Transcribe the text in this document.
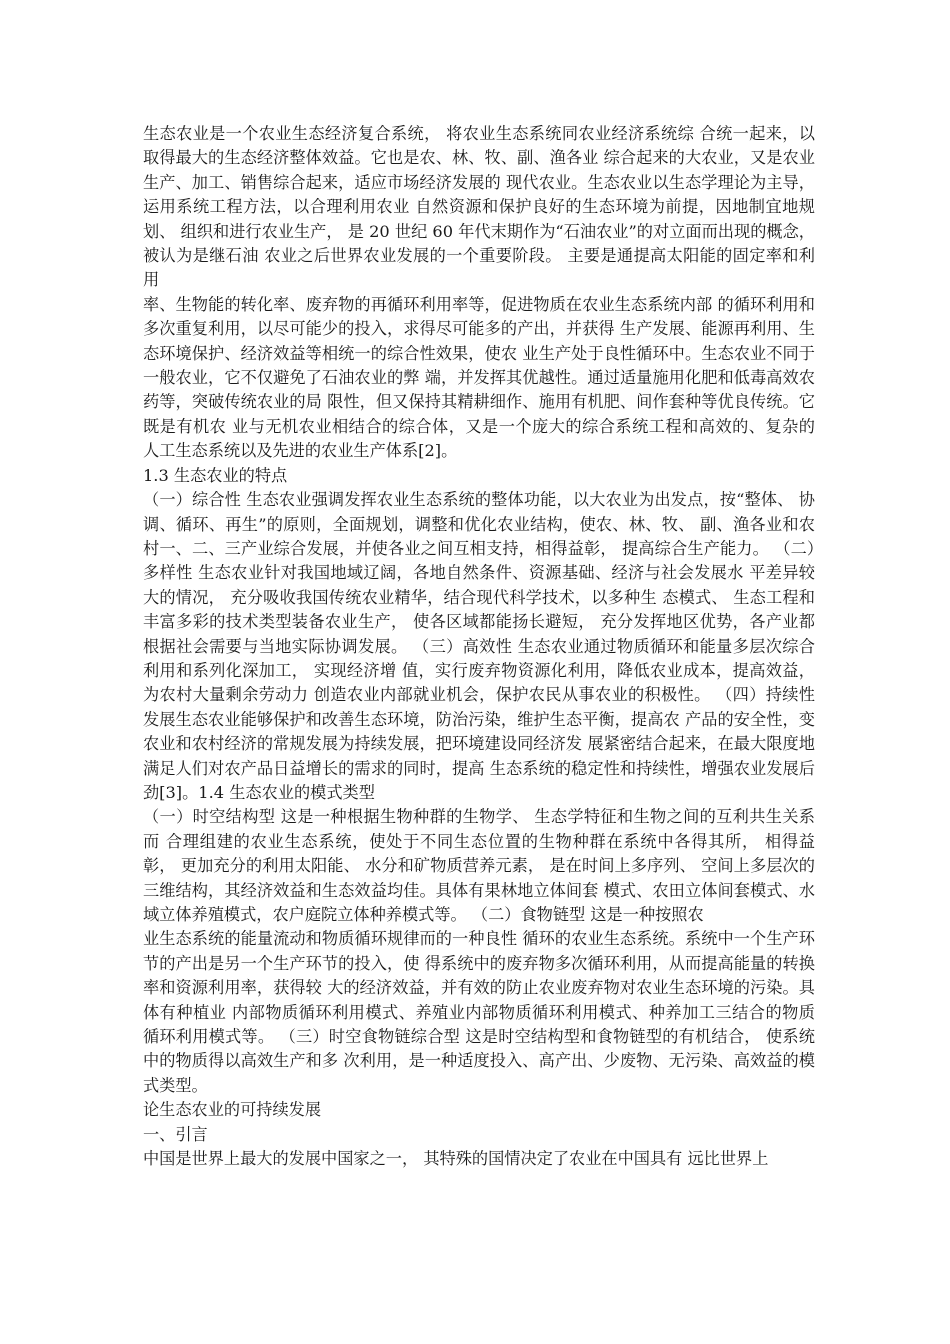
生态农业是一个农业生态经济复合系统， 将农业生态系统同农业经济系统综 合统一起来，以取得最大的生态经济整体效益。它也是农、林、牧、副、渔各业 综合起来的大农业，又是农业生产、加工、销售综合起来，适应市场经济发展的 现代农业。生态农业以生态学理论为主导，运用系统工程方法，以合理利用农业 自然资源和保护良好的生态环境为前提，因地制宜地规划、 组织和进行农业生产， 是 20 世纪 60 年代末期作为“石油农业”的对立面而出现的概念， 被认为是继石油 农业之后世界农业发展的一个重要阶段。 主要是通提高太阳能的固定率和利用

率、生物能的转化率、废弃物的再循环利用率等，促进物质在农业生态系统内部 的循环利用和多次重复利用，以尽可能少的投入，求得尽可能多的产出，并获得 生产发展、能源再利用、生态环境保护、经济效益等相统一的综合性效果，使农 业生产处于良性循环中。生态农业不同于一般农业，它不仅避免了石油农业的弊 端，并发挥其优越性。通过适量施用化肥和低毒高效农药等，突破传统农业的局 限性，但又保持其精耕细作、施用有机肥、间作套种等优良传统。它既是有机农 业与无机农业相结合的综合体，又是一个庞大的综合系统工程和高效的、复杂的 人工生态系统以及先进的农业生产体系[2]。

1.3 生态农业的特点

（一）综合性 生态农业强调发挥农业生态系统的整体功能，以大农业为出发点，按“整体、 协调、循环、再生”的原则，全面规划，调整和优化农业结构，使农、林、牧、 副、渔各业和农村一、二、三产业综合发展，并使各业之间互相支持，相得益彰， 提高综合生产能力。 （二）多样性 生态农业针对我国地域辽阔，各地自然条件、资源基础、经济与社会发展水 平差异较大的情况， 充分吸收我国传统农业精华，结合现代科学技术，以多种生 态模式、 生态工程和丰富多彩的技术类型装备农业生产， 使各区域都能扬长避短， 充分发挥地区优势，各产业都根据社会需要与当地实际协调发展。 （三）高效性 生态农业通过物质循环和能量多层次综合利用和系列化深加工， 实现经济增 值，实行废弃物资源化利用，降低农业成本，提高效益，为农村大量剩余劳动力 创造农业内部就业机会，保护农民从事农业的积极性。 （四）持续性 发展生态农业能够保护和改善生态环境，防治污染，维护生态平衡，提高农 产品的安全性，变农业和农村经济的常规发展为持续发展，把环境建设同经济发 展紧密结合起来，在最大限度地满足人们对农产品日益增长的需求的同时，提高 生态系统的稳定性和持续性，增强农业发展后劲[3]。1.4 生态农业的模式类型

（一）时空结构型 这是一种根据生物种群的生物学、 生态学特征和生物之间的互利共生关系而 合理组建的农业生态系统，使处于不同生态位置的生物种群在系统中各得其所， 相得益彰， 更加充分的利用太阳能、 水分和矿物质营养元素， 是在时间上多序列、 空间上多层次的三维结构，其经济效益和生态效益均佳。具体有果林地立体间套 模式、农田立体间套模式、水域立体养殖模式，农户庭院立体种养模式等。 （二）食物链型 这是一种按照农

业生态系统的能量流动和物质循环规律而的一种良性 循环的农业生态系统。系统中一个生产环节的产出是另一个生产环节的投入，使 得系统中的废弃物多次循环利用，从而提高能量的转换率和资源利用率，获得较 大的经济效益，并有效的防止农业废弃物对农业生态环境的污染。具体有种植业 内部物质循环利用模式、养殖业内部物质循环利用模式、种养加工三结合的物质 循环利用模式等。 （三）时空食物链综合型 这是时空结构型和食物链型的有机结合， 使系统中的物质得以高效生产和多 次利用，是一种适度投入、高产出、少废物、无污染、高效益的模式类型。

论生态农业的可持续发展

一、引言

中国是世界上最大的发展中国家之一， 其特殊的国情决定了农业在中国具有 远比世界上
